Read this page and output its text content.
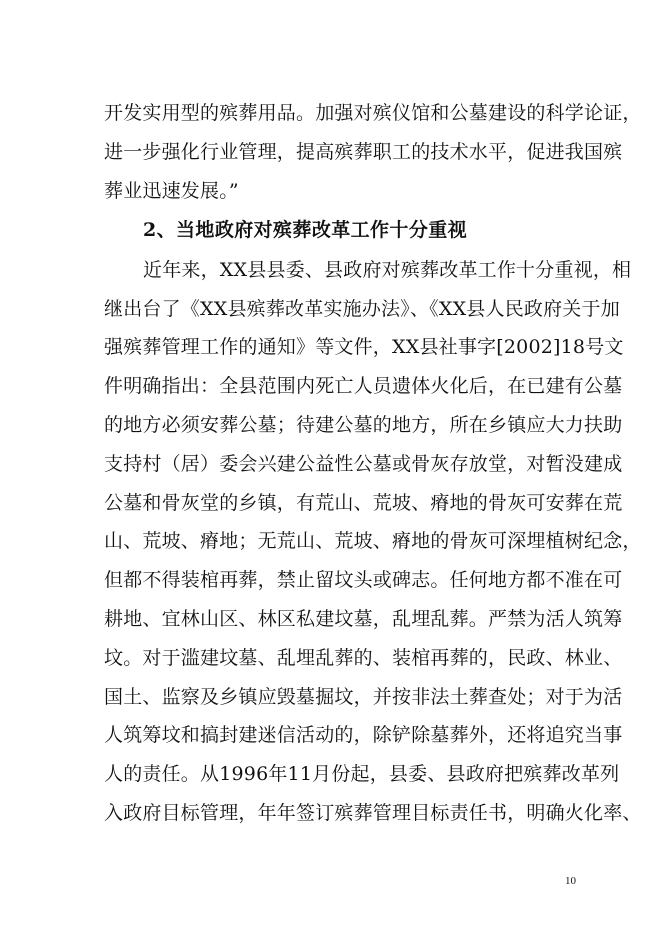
开发实用型的殡葬用品。加强对殡仪馆和公墓建设的科学论证，
进一步强化行业管理，提高殡葬职工的技术水平，促进我国殡
葬业迅速发展。”
2、当地政府对殡葬改革工作十分重视
近年来，XX县县委、县政府对殡葬改革工作十分重视，相
继出台了《XX县殡葬改革实施办法》、《XX县人民政府关于加
强殡葬管理工作的通知》等文件，XX县社事字[2002]18号文
件明确指出：全县范围内死亡人员遗体火化后，在已建有公墓
的地方必须安葬公墓；待建公墓的地方，所在乡镇应大力扶助
支持村（居）委会兴建公益性公墓或骨灰存放堂，对暂没建成
公墓和骨灰堂的乡镇，有荒山、荒坡、瘠地的骨灰可安葬在荒
山、荒坡、瘠地；无荒山、荒坡、瘠地的骨灰可深埋植树纪念，
但都不得装棺再葬，禁止留坟头或碑志。任何地方都不准在可
耕地、宜林山区、林区私建坟墓，乱埋乱葬。严禁为活人筑筹
坟。对于滥建坟墓、乱埋乱葬的、装棺再葬的，民政、林业、
国土、监察及乡镇应毁墓掘坟，并按非法土葬查处；对于为活
人筑筹坟和搞封建迷信活动的，除铲除墓葬外，还将追究当事
人的责任。从1996年11月份起，县委、县政府把殡葬改革列
入政府目标管理，年年签订殡葬管理目标责任书，明确火化率、
10
